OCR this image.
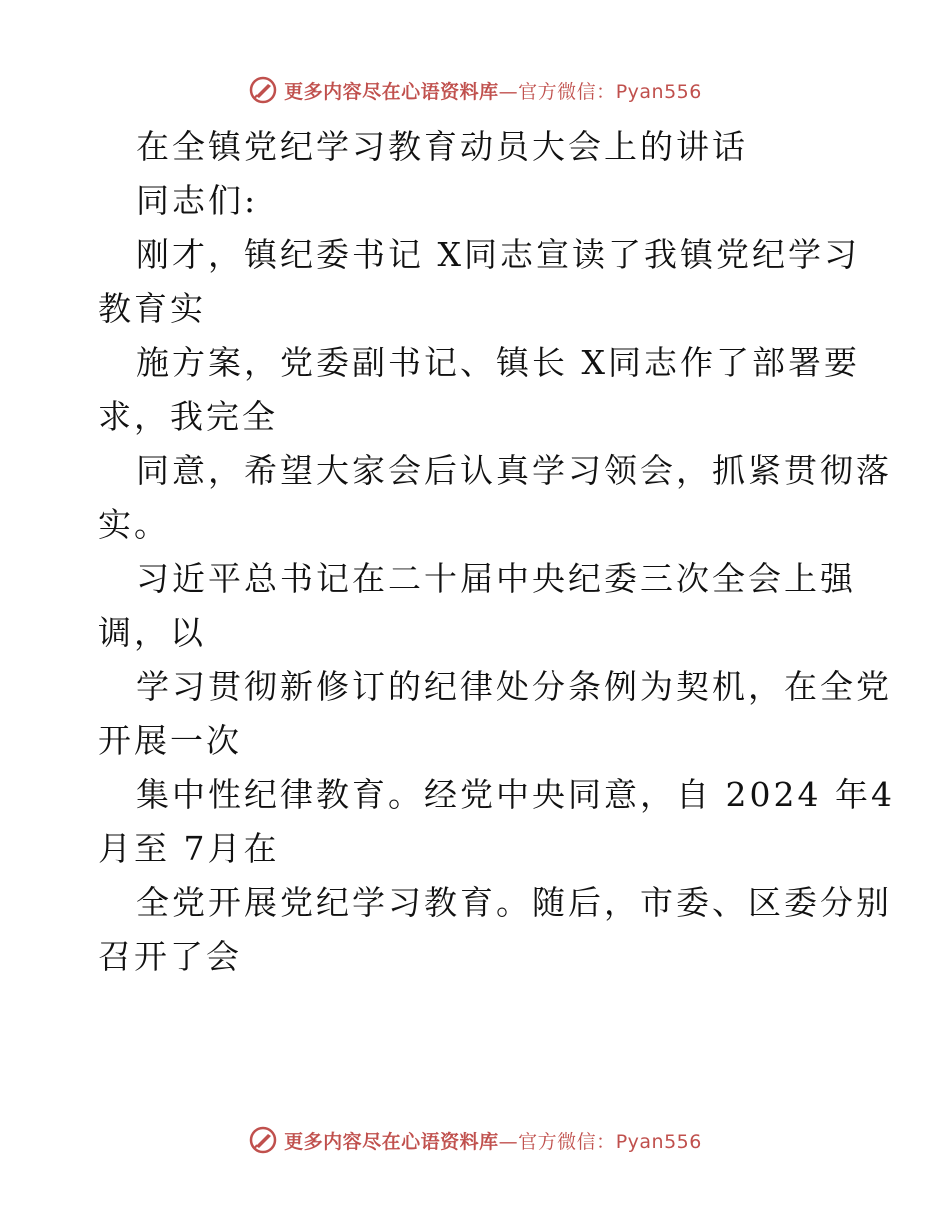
更多内容尽在心语资料库—官方微信：Pyan556
在全镇党纪学习教育动员大会上的讲话
同志们:
刚才，镇纪委书记 X同志宣读了我镇党纪学习
教育实
施方案，党委副书记、镇长 X同志作了部署要
求，我完全
同意，希望大家会后认真学习领会，抓紧贯彻落
实。
习近平总书记在二十届中央纪委三次全会上强
调，以
学习贯彻新修订的纪律处分条例为契机，在全党
开展一次
集中性纪律教育。经党中央同意，自 2024 年4
月至 7月在
全党开展党纪学习教育。随后，市委、区委分别
召开了会
更多内容尽在心语资料库—官方微信：Pyan556
